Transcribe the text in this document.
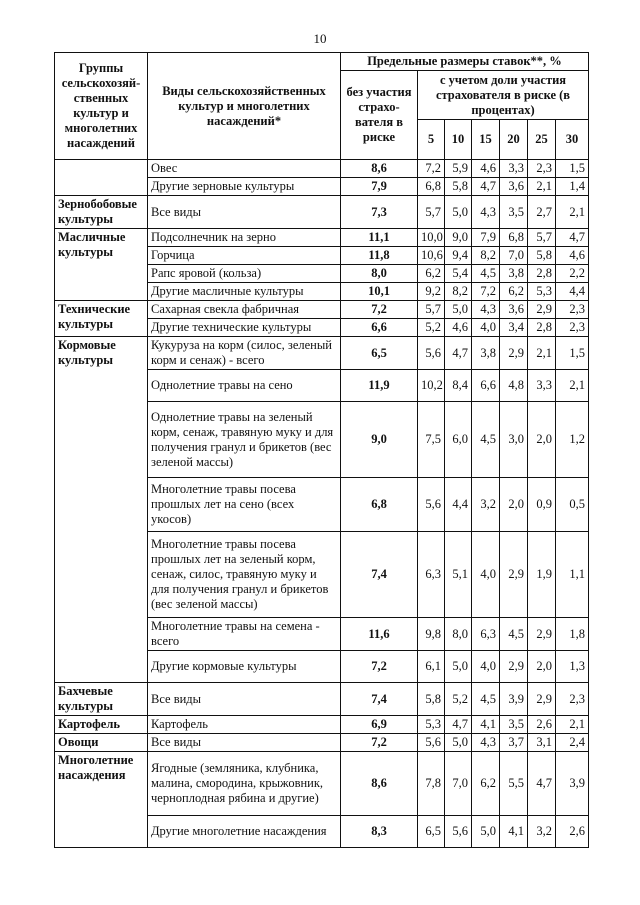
10
Группы сельскохозяй-ственных культур и многолетних насаждений	Виды сельскохозяйственных культур и многолетних насаждений*	Предельные размеры ставок**, %						
		без участия страхо-вателя в риске	с учетом доли участия страхователя в риске (в процентах)					
			5	10	15	20	25	30
	Овес	8,6	7,2	5,9	4,6	3,3	2,3	1,5
	Другие зерновые культуры	7,9	6,8	5,8	4,7	3,6	2,1	1,4
Зернобобовые культуры	Все виды	7,3	5,7	5,0	4,3	3,5	2,7	2,1
Масличные культуры	Подсолнечник на зерно	11,1	10,0	9,0	7,9	6,8	5,7	4,7
	Горчица	11,8	10,6	9,4	8,2	7,0	5,8	4,6
	Рапс яровой (кольза)	8,0	6,2	5,4	4,5	3,8	2,8	2,2
	Другие масличные культуры	10,1	9,2	8,2	7,2	6,2	5,3	4,4
Технические культуры	Сахарная свекла фабричная	7,2	5,7	5,0	4,3	3,6	2,9	2,3
	Другие технические культуры	6,6	5,2	4,6	4,0	3,4	2,8	2,3
Кормовые культуры	Кукуруза на корм (силос, зеленый корм и сенаж) - всего	6,5	5,6	4,7	3,8	2,9	2,1	1,5
	Однолетние травы на сено	11,9	10,2	8,4	6,6	4,8	3,3	2,1
	Однолетние травы на зеленый корм, сенаж, травяную муку и для получения гранул и брикетов (вес зеленой массы)	9,0	7,5	6,0	4,5	3,0	2,0	1,2
	Многолетние травы посева прошлых лет на сено (всех укосов)	6,8	5,6	4,4	3,2	2,0	0,9	0,5
	Многолетние травы посева прошлых лет на зеленый корм, сенаж, силос, травяную муку и для получения гранул и брикетов (вес зеленой массы)	7,4	6,3	5,1	4,0	2,9	1,9	1,1
	Многолетние травы на семена - всего	11,6	9,8	8,0	6,3	4,5	2,9	1,8
	Другие кормовые культуры	7,2	6,1	5,0	4,0	2,9	2,0	1,3
Бахчевые культуры	Все виды	7,4	5,8	5,2	4,5	3,9	2,9	2,3
Картофель	Картофель	6,9	5,3	4,7	4,1	3,5	2,6	2,1
Овощи	Все виды	7,2	5,6	5,0	4,3	3,7	3,1	2,4
Многолетние насаждения	Ягодные (земляника, клубника, малина, смородина, крыжовник, черноплодная рябина и другие)	8,6	7,8	7,0	6,2	5,5	4,7	3,9
	Другие многолетние насаждения	8,3	6,5	5,6	5,0	4,1	3,2	2,6
